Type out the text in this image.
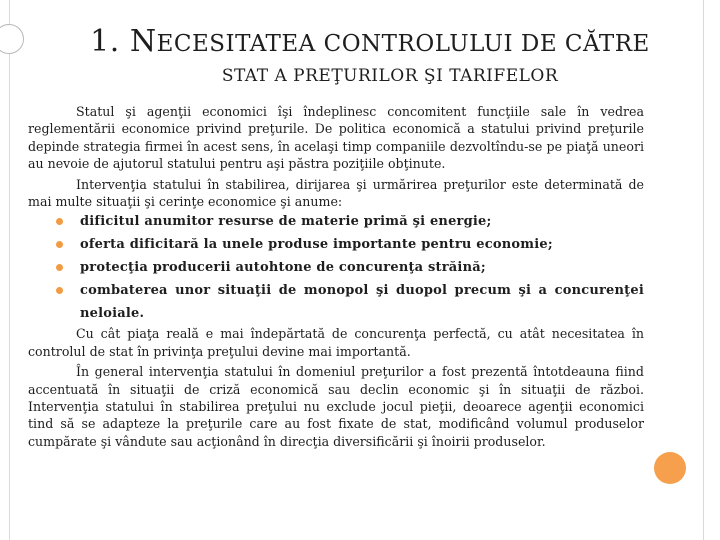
1. NECESITATEA CONTROLULUI DE CĂTRE
STAT A PREŢURILOR ŞI TARIFELOR

Statul şi agenţii economici îşi îndeplinesc concomitent funcţiile sale în vedrea reglementării economice privind preţurile. De politica economică a statului privind preţurile depinde strategia firmei în acest sens, în acelaşi timp companiile dezvoltîndu-se pe piaţă uneori au nevoie de ajutorul statului pentru aşi păstra poziţiile obţinute.

Intervenţia statului în stabilirea, dirijarea şi urmărirea preţurilor este determinată de mai multe situaţii şi cerinţe economice şi anume:

dificitul anumitor resurse de materie primă şi energie;
oferta dificitară la unele produse importante pentru economie;
protecţia producerii autohtone de concurenţa străină;
combaterea unor situaţii de monopol şi duopol precum şi a concurenţei neloiale.

Cu cât piaţa reală e mai îndepărtată de concurenţa perfectă, cu atât necesitatea în controlul de stat în privinţa preţului devine mai importantă.

În general intervenţia statului în domeniul preţurilor a fost prezentă întotdeauna fiind accentuată în situaţii de criză economică sau declin economic şi în situaţii de război. Intervenţia statului în stabilirea preţului nu exclude jocul pieţii, deoarece agenţii economici tind să se adapteze la preţurile care au fost fixate de stat, modificând volumul produselor cumpărate şi vândute sau acţionând în direcţia diversificării şi înoirii produselor.
